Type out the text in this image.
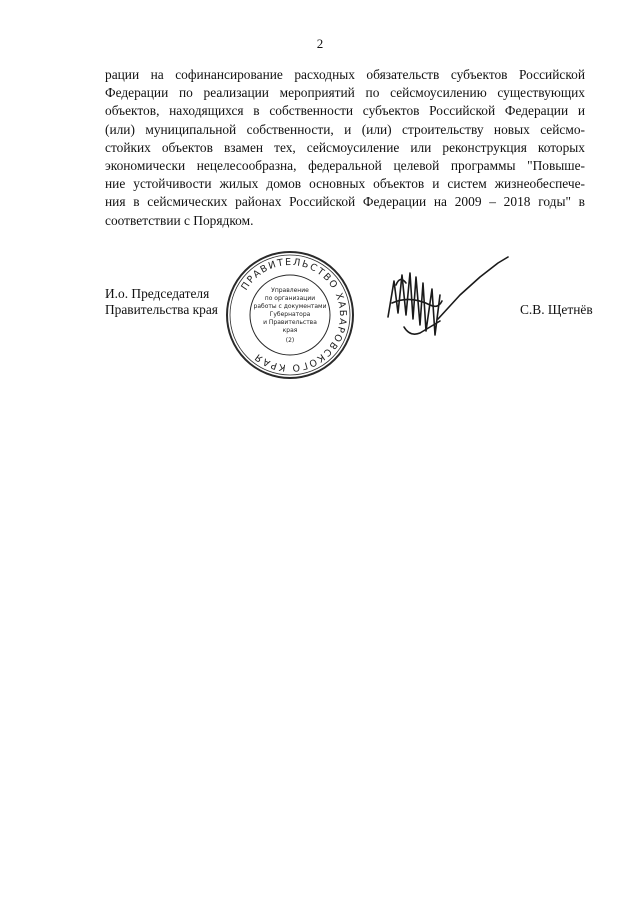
2
рации на софинансирование расходных обязательств субъектов Российской
Федерации по реализации мероприятий по сейсмоусилению существующих
объектов, находящихся в собственности субъектов Российской Федерации и
(или) муниципальной собственности, и (или) строительству новых сейсмо-
стойких объектов взамен тех, сейсмоусиление или реконструкция которых
экономически нецелесообразна, федеральной целевой программы "Повыше-
ние устойчивости жилых домов основных объектов и систем жизнеобеспече-
ния в сейсмических районах Российской Федерации на 2009 – 2018 годы" в
соответствии с Порядком.
И.о. Председателя
Правительства края
ПРАВИТЕЛЬСТВО ХАБАРОВСКОГО КРАЯ
Управление
по организации
работы с документами
Губернатора
и Правительства
края
(2)
С.В. Щетнёв
